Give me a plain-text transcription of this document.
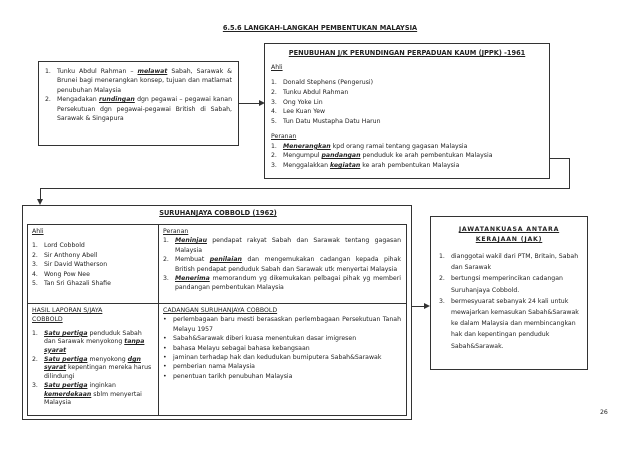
6.5.6 LANGKAH-LANGKAH PEMBENTUKAN MALAYSIA
1. Tunku Abdul Rahman – melawat Sabah, Sarawak & Brunei bagi menerangkan konsep, tujuan dan matlamat penubuhan Malaysia
2. Mengadakan rundingan dgn pegawai – pegawai kanan Persekutuan dgn pegawai-pegawai British di Sabah, Sarawak & Singapura
PENUBUHAN J/K PERUNDINGAN PERPADUAN KAUM (JPPK) -1961
Ahli
1. Donald Stephens (Pengerusi)
2. Tunku Abdul Rahman
3. Ong Yoke Lin
4. Lee Kuan Yew
5. Tun Datu Mustapha Datu Harun
Peranan
1. Menerangkan kpd orang ramai tentang gagasan Malaysia
2. Mengumpul pandangan penduduk ke arah pembentukan Malaysia
3. Menggalakkan kegiatan ke arah pembentukan Malaysia
SURUHANJAYA COBBOLD (1962)
Ahli
1. Lord Cobbold
2. Sir Anthony Abell
3. Sir David Watherson
4. Wong Pow Nee
5. Tan Sri Ghazali Shafie
Peranan
1. Meninjau pendapat rakyat Sabah dan Sarawak tentang gagasan Malaysia
2. Membuat penilaian dan mengemukakan cadangan kepada pihak British pendapat penduduk Sabah dan Sarawak utk menyertai Malaysia
3. Menerima memorandum yg dikemukakan pelbagai pihak yg memberi pandangan pembentukan Malaysia
HASIL LAPORAN S/JAYA
COBBOLD
1. Satu pertiga penduduk Sabah dan Sarawak menyokong tanpa syarat
2. Satu pertiga menyokong dgn syarat kepentingan mereka harus dilindungi
3. Satu pertiga inginkan kemerdekaan sblm menyertai Malaysia
CADANGAN SURUHANJAYA COBBOLD
•	perlembagaan baru mesti berasaskan perlembagaan Persekutuan Tanah Melayu 1957
•	Sabah&Sarawak diberi kuasa menentukan dasar imigresen
•	bahasa Melayu sebagai bahasa kebangsaan
•	jaminan terhadap hak dan kedudukan bumiputera Sabah&Sarawak
•	pemberian nama Malaysia
•	penentuan tarikh penubuhan Malaysia
JAWATANKUASA ANTARA
KERAJAAN (JAK)
1. dianggotai wakil dari PTM, Britain, Sabah dan Sarawak
2. bertungsi memperincikan cadangan Suruhanjaya Cobbold.
3. bermesyuarat sebanyak 24 kali untuk mewajarkan kemasukan Sabah&Sarawak ke dalam Malaysia dan membincangkan hak dan kepentingan penduduk Sabah&Sarawak.
26
